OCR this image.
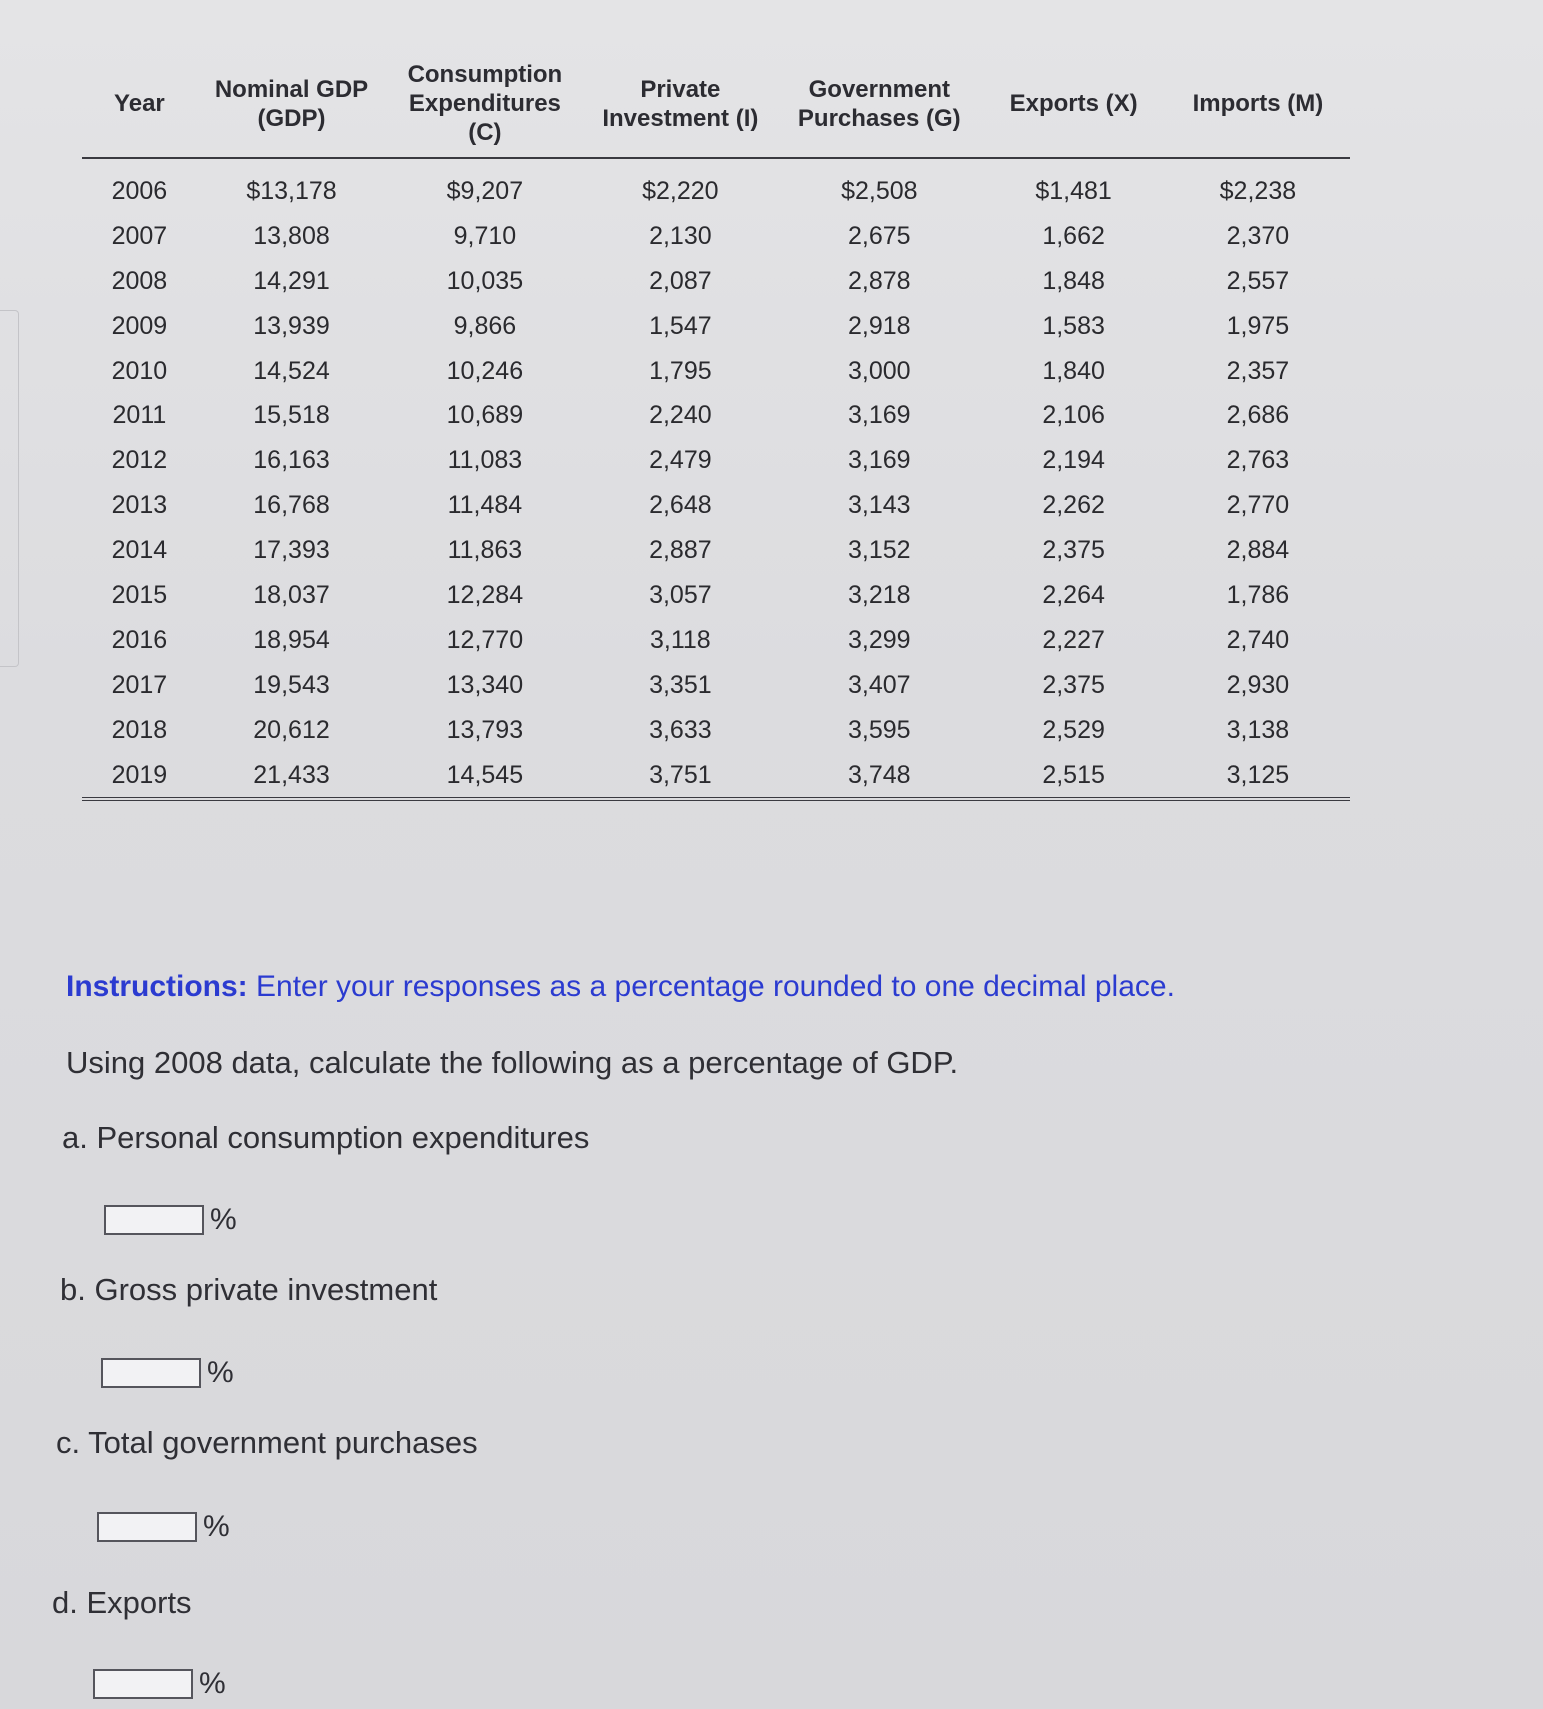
Year	Nominal GDP (GDP)	Consumption Expenditures (C)	Private Investment (I)	Government Purchases (G)	Exports (X)	Imports (M)
2006	$13,178	$9,207	$2,220	$2,508	$1,481	$2,238
2007	13,808	9,710	2,130	2,675	1,662	2,370
2008	14,291	10,035	2,087	2,878	1,848	2,557
2009	13,939	9,866	1,547	2,918	1,583	1,975
2010	14,524	10,246	1,795	3,000	1,840	2,357
2011	15,518	10,689	2,240	3,169	2,106	2,686
2012	16,163	11,083	2,479	3,169	2,194	2,763
2013	16,768	11,484	2,648	3,143	2,262	2,770
2014	17,393	11,863	2,887	3,152	2,375	2,884
2015	18,037	12,284	3,057	3,218	2,264	1,786
2016	18,954	12,770	3,118	3,299	2,227	2,740
2017	19,543	13,340	3,351	3,407	2,375	2,930
2018	20,612	13,793	3,633	3,595	2,529	3,138
2019	21,433	14,545	3,751	3,748	2,515	3,125
Instructions: Enter your responses as a percentage rounded to one decimal place.
Using 2008 data, calculate the following as a percentage of GDP.
a. Personal consumption expenditures
%
b. Gross private investment
%
c. Total government purchases
%
d. Exports
%
